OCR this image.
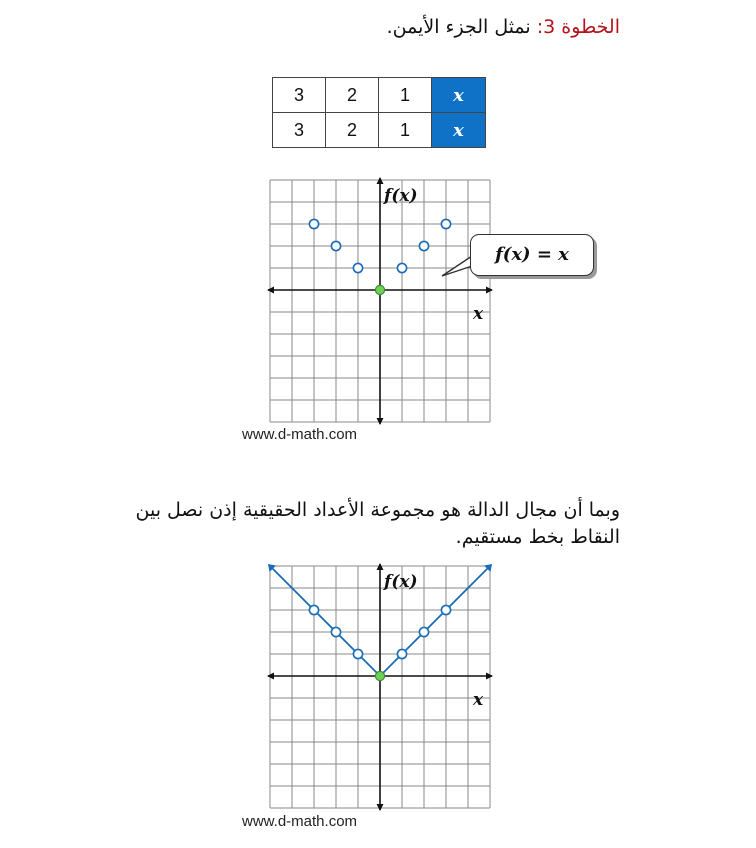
الخطوة 3: نمثل الجزء الأيمن.
3	2	1	x
3	2	1	x
f(x)
x
f(x) = x
www.d-math.com
وبما أن مجال الدالة هو مجموعة الأعداد الحقيقية إذن نصل بين النقاط بخط مستقيم.
f(x)
x
www.d-math.com
